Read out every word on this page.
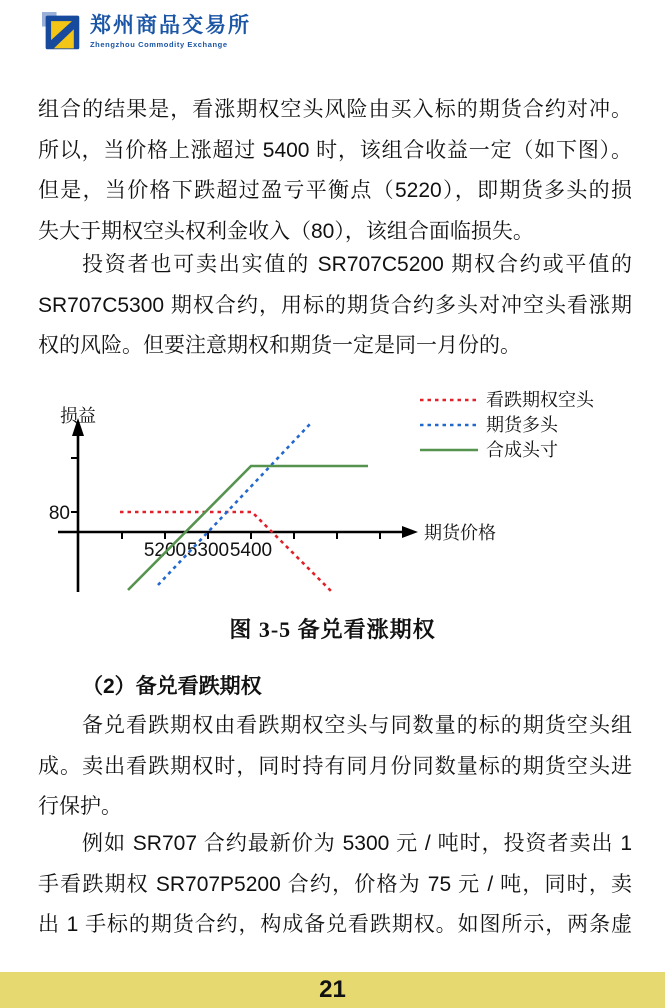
郑州商品交易所
Zhengzhou Commodity Exchange
组合的结果是，看涨期权空头风险由买入标的期货合约对冲。
所以，当价格上涨超过 5400 时，该组合收益一定（如下图）。
但是，当价格下跌超过盈亏平衡点（5220），即期货多头的损
失大于期权空头权利金收入（80），该组合面临损失。
投资者也可卖出实值的 SR707C5200 期权合约或平值的
SR707C5300 期权合约，用标的期货合约多头对冲空头看涨期
权的风险。但要注意期权和期货一定是同一月份的。
看跌期权空头
期货多头
合成头寸
损益
80
5200 5300 5400
期货价格
图 3-5 备兑看涨期权
（2）备兑看跌期权
备兑看跌期权由看跌期权空头与同数量的标的期货空头组
成。卖出看跌期权时，同时持有同月份同数量标的期货空头进
行保护。
例如 SR707 合约最新价为 5300 元 / 吨时，投资者卖出 1
手看跌期权 SR707P5200 合约，价格为 75 元 / 吨，同时，卖
出 1 手标的期货合约，构成备兑看跌期权。如图所示，两条虚
21
